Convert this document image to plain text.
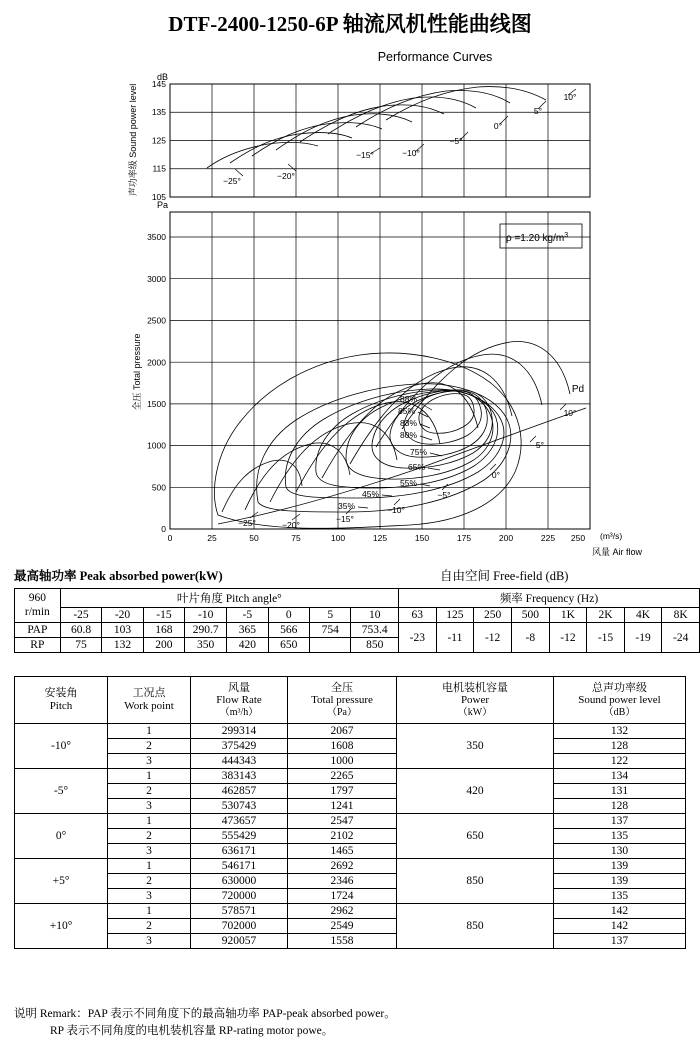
DTF-2400-1250-6P 轴流风机性能曲线图
Performance Curves
145
135
125
115
105
dB
声功率级 Sound power level	−25°	−20°
−15°	−10°
−5°
0°
5°
10°
Pa
3500
3000
2500
2000
1500
1000
500
0
0	25	50	75	100	125	150	175	200	225 250 (m³/s)
风量 Air flow
全压 Total pressure
ρ =1.20 $kg/m^3$
88%
85%
83%
80%
75%
65%
55%
45%
35%
Pd
−25°	−20°
−15°
−10°
−5°
0°
5°
10°
最高轴功率 Peak absorbed power(kW)	自由空间 Free-field (dB)
960
r/min	叶片角度 Pitch angle°								频率 Frequency (Hz)							
	-25	-20	-15	-10	-5	0	5	10	63	125	250	500	1K	2K	4K	8K
PAP	60.8	103	168	290.7	365	566	754	753.4	-23	-11	-12	-8	-12	-15	-19	-24
RP	75	132	200	350	420	650		850								
安装角
Pitch

工况点
Work point

风量
Flow Rate
（m³/h）

全压
Total pressure
（Pa）

电机装机容量
Power
（kW）

总声功率级
Sound power level
（dB）

-10°	1	299314	2067	350	132
	2	375429	1608		128
	3	444343	1000		122
-5°	1	383143	2265	420	134
	2	462857	1797		131
	3	530743	1241		128
0°	1	473657	2547	650	137
	2	555429	2102		135
	3	636171	1465		130
+5°	1	546171	2692	850	139
	2	630000	2346		139
	3	720000	1724		135
+10°	1	578571	2962	850	142
	2	702000	2549		142
	3	920057	1558		137
说明 Remark：PAP 表示不同角度下的最高轴功率 PAP-peak absorbed power。
RP 表示不同角度的电机装机容量 RP-rating motor powe。
